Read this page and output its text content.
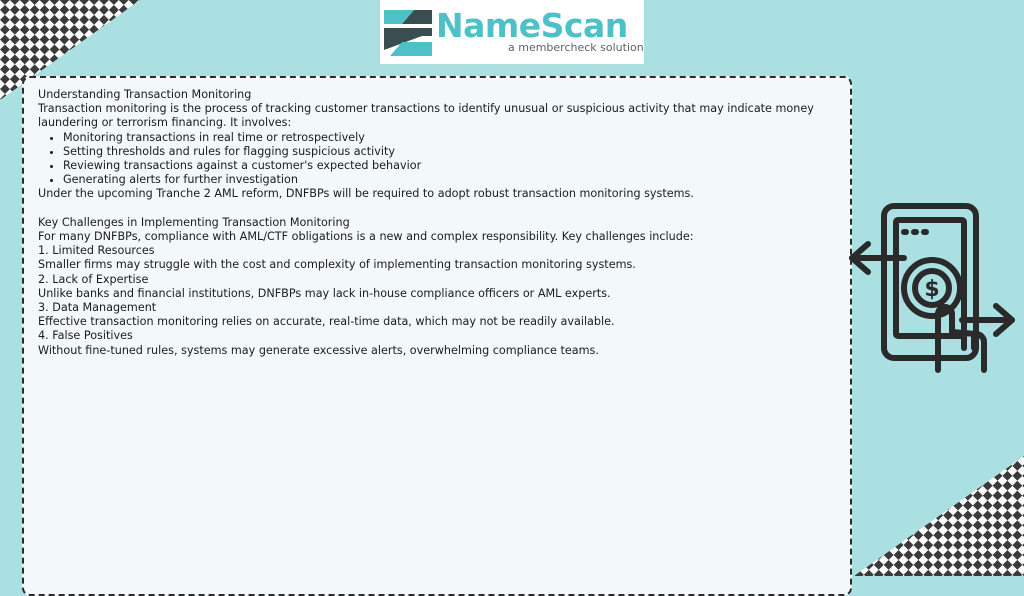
NameScan
a membercheck solution

Understanding Transaction Monitoring

Transaction monitoring is the process of tracking customer transactions to identify unusual or suspicious activity that may indicate money laundering or terrorism financing. It involves:

• Monitoring transactions in real time or retrospectively
• Setting thresholds and rules for flagging suspicious activity
• Reviewing transactions against a customer's expected behavior
• Generating alerts for further investigation

Under the upcoming Tranche 2 AML reform, DNFBPs will be required to adopt robust transaction monitoring systems.

Key Challenges in Implementing Transaction Monitoring

For many DNFBPs, compliance with AML/CTF obligations is a new and complex responsibility. Key challenges include:

1. Limited Resources

Smaller firms may struggle with the cost and complexity of implementing transaction monitoring systems.

2. Lack of Expertise

Unlike banks and financial institutions, DNFBPs may lack in-house compliance officers or AML experts.

3. Data Management

Effective transaction monitoring relies on accurate, real-time data, which may not be readily available.

4. False Positives

Without fine-tuned rules, systems may generate excessive alerts, overwhelming compliance teams.

$
